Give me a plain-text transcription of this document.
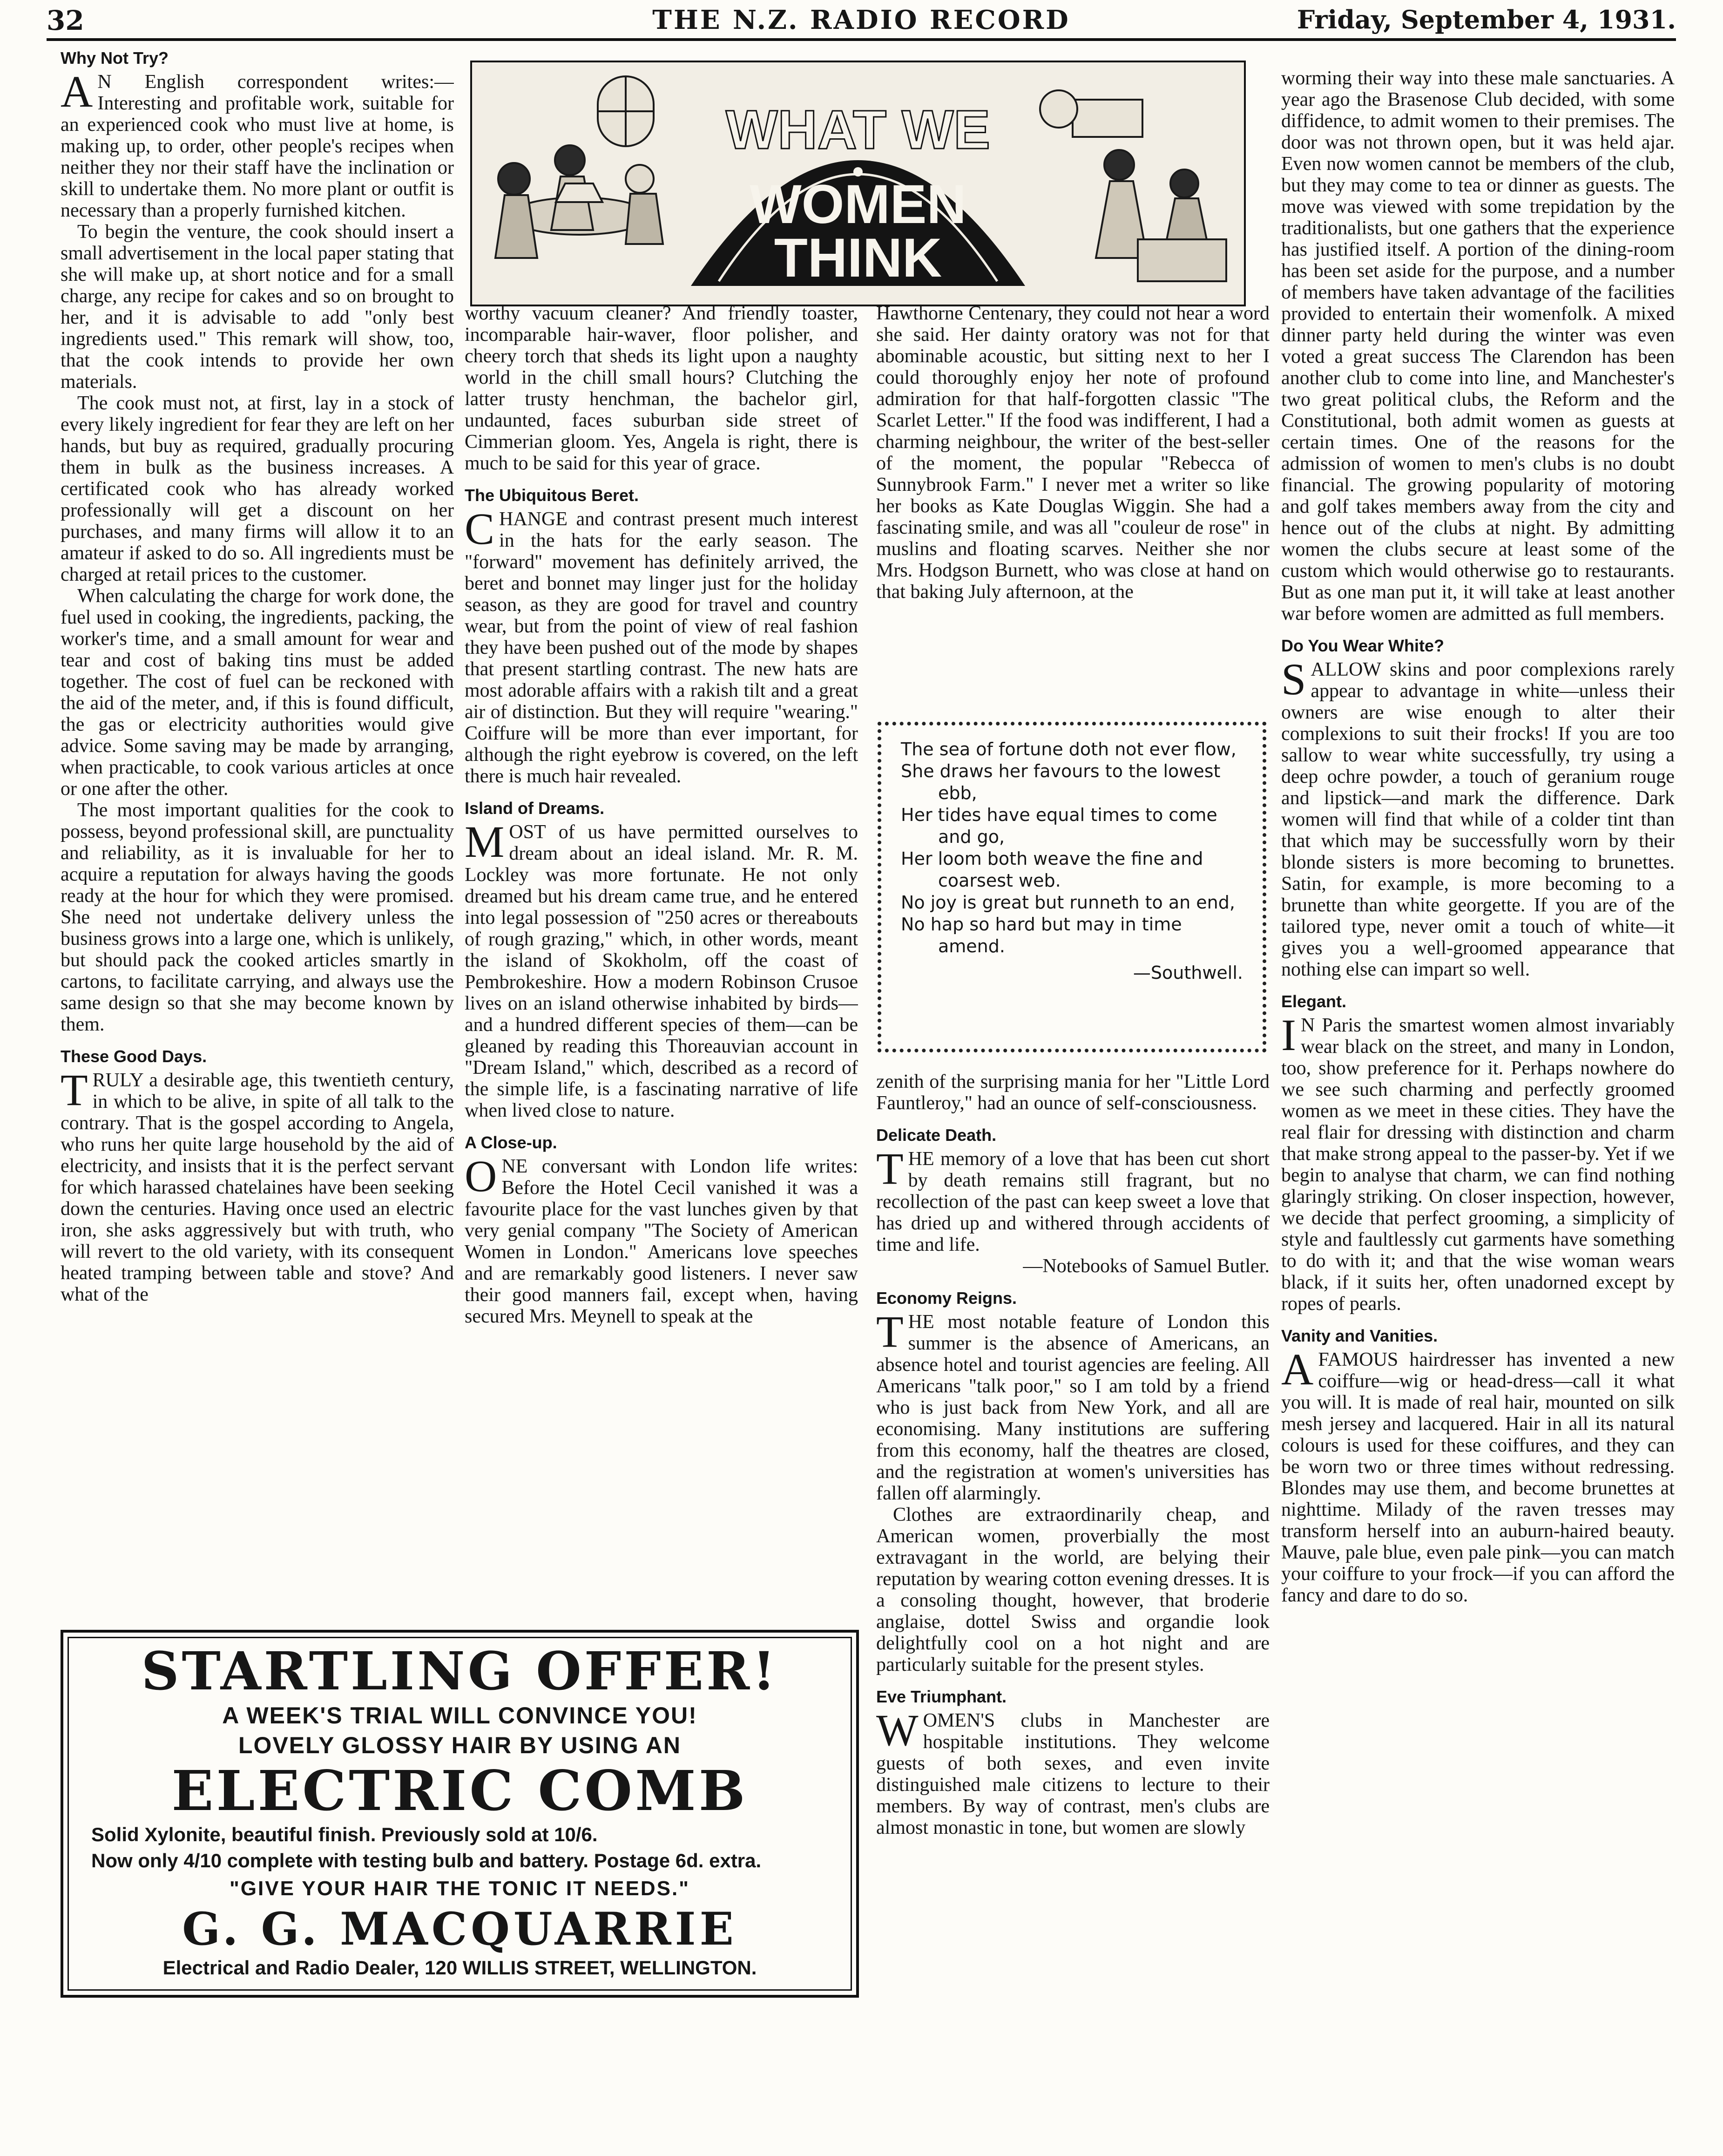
32	THE N.Z. RADIO RECORD	Friday, September 4, 1931.
Why Not Try?

A N English correspondent writes:— Interesting and profitable work, suitable for an experienced cook who must live at home, is making up, to order, other people's recipes when neither they nor their staff have the inclination or skill to undertake them. No more plant or outfit is necessary than a properly furnished kitchen.

To begin the venture, the cook should insert a small advertisement in the local paper stating that she will make up, at short notice and for a small charge, any recipe for cakes and so on brought to her, and it is advisable to add "only best ingredients used." This remark will show, too, that the cook intends to provide her own materials.

The cook must not, at first, lay in a stock of every likely ingredient for fear they are left on her hands, but buy as required, gradually procuring them in bulk as the business increases. A certificated cook who has already worked professionally will get a discount on her purchases, and many firms will allow it to an amateur if asked to do so. All ingredients must be charged at retail prices to the customer.

When calculating the charge for work done, the fuel used in cooking, the ingredients, packing, the worker's time, and a small amount for wear and tear and cost of baking tins must be added together. The cost of fuel can be reckoned with the aid of the meter, and, if this is found difficult, the gas or electricity authorities would give advice. Some saving may be made by arranging, when practicable, to cook various articles at once or one after the other.

The most important qualities for the cook to possess, beyond professional skill, are punctuality and reliability, as it is invaluable for her to acquire a reputation for always having the goods ready at the hour for which they were promised. She need not undertake delivery unless the business grows into a large one, which is unlikely, but should pack the cooked articles smartly in cartons, to facilitate carrying, and always use the same design so that she may become known by them.

These Good Days.

TRULY a desirable age, this twentieth century, in which to be alive, in spite of all talk to the contrary. That is the gospel according to Angela, who runs her quite large household by the aid of electricity, and insists that it is the perfect servant for which harassed chatelaines have been seeking down the centuries. Having once used an electric iron, she asks aggressively but with truth, who will revert to the old variety, with its consequent heated tramping between table and stove? And what of the

WHAT WE
WOMEN
THINK

worthy vacuum cleaner? And friendly toaster, incomparable hair-waver, floor polisher, and cheery torch that sheds its light upon a naughty world in the chill small hours? Clutching the latter trusty henchman, the bachelor girl, undaunted, faces suburban side street of Cimmerian gloom. Yes, Angela is right, there is much to be said for this year of grace.

The Ubiquitous Beret.

CHANGE and contrast present much interest in the hats for the early season. The "forward" movement has definitely arrived, the beret and bonnet may linger just for the holiday season, as they are good for travel and country wear, but from the point of view of real fashion they have been pushed out of the mode by shapes that present startling contrast. The new hats are most adorable affairs with a rakish tilt and a great air of distinction. But they will require "wearing." Coiffure will be more than ever important, for although the right eyebrow is covered, on the left there is much hair revealed.

Island of Dreams.

MOST of us have permitted ourselves to dream about an ideal island. Mr. R. M. Lockley was more fortunate. He not only dreamed but his dream came true, and he entered into legal possession of "250 acres or thereabouts of rough grazing," which, in other words, meant the island of Skokholm, off the coast of Pembrokeshire. How a modern Robinson Crusoe lives on an island otherwise inhabited by birds—and a hundred different species of them—can be gleaned by reading this Thoreauvian account in "Dream Island," which, described as a record of the simple life, is a fascinating narrative of life when lived close to nature.

A Close-up.

ONE conversant with London life writes: Before the Hotel Cecil vanished it was a favourite place for the vast lunches given by that very genial company "The Society of American Women in London." Americans love speeches and are remarkably good listeners. I never saw their good manners fail, except when, having secured Mrs. Meynell to speak at the

Hawthorne Centenary, they could not hear a word she said. Her dainty oratory was not for that abominable acoustic, but sitting next to her I could thoroughly enjoy her note of profound admiration for that half-forgotten classic "The Scarlet Letter." If the food was indifferent, I had a charming neighbour, the writer of the best-seller of the moment, the popular "Rebecca of Sunnybrook Farm." I never met a writer so like her books as Kate Douglas Wiggin. She had a fascinating smile, and was all "couleur de rose" in muslins and floating scarves. Neither she nor Mrs. Hodgson Burnett, who was close at hand on that baking July afternoon, at the

The sea of fortune doth not ever flow,

She draws her favours to the lowest ebb,

Her tides have equal times to come and go,

Her loom both weave the fine and coarsest web.

No joy is great but runneth to an end,

No hap so hard but may in time amend.

—Southwell.

zenith of the surprising mania for her "Little Lord Fauntleroy," had an ounce of self-consciousness.

Delicate Death.

THE memory of a love that has been cut short by death remains still fragrant, but no recollection of the past can keep sweet a love that has dried up and withered through accidents of time and life.

—Notebooks of Samuel Butler.

Economy Reigns.

THE most notable feature of London this summer is the absence of Americans, an absence hotel and tourist agencies are feeling. All Americans "talk poor," so I am told by a friend who is just back from New York, and all are economising. Many institutions are suffering from this economy, half the theatres are closed, and the registration at women's universities has fallen off alarmingly.

Clothes are extraordinarily cheap, and American women, proverbially the most extravagant in the world, are belying their reputation by wearing cotton evening dresses. It is a consoling thought, however, that broderie anglaise, dottel Swiss and organdie look delightfully cool on a hot night and are particularly suitable for the present styles.

Eve Triumphant.

WOMEN'S clubs in Manchester are hospitable institutions. They welcome guests of both sexes, and even invite distinguished male citizens to lecture to their members. By way of contrast, men's clubs are almost monastic in tone, but women are slowly

worming their way into these male sanctuaries. A year ago the Brasenose Club decided, with some diffidence, to admit women to their premises. The door was not thrown open, but it was held ajar. Even now women cannot be members of the club, but they may come to tea or dinner as guests. The move was viewed with some trepidation by the traditionalists, but one gathers that the experience has justified itself. A portion of the dining-room has been set aside for the purpose, and a number of members have taken advantage of the facilities provided to entertain their womenfolk. A mixed dinner party held during the winter was even voted a great success The Clarendon has been another club to come into line, and Manchester's two great political clubs, the Reform and the Constitutional, both admit women as guests at certain times. One of the reasons for the admission of women to men's clubs is no doubt financial. The growing popularity of motoring and golf takes members away from the city and hence out of the clubs at night. By admitting women the clubs secure at least some of the custom which would otherwise go to restaurants. But as one man put it, it will take at least another war before women are admitted as full members.

Do You Wear White?

SALLOW skins and poor complexions rarely appear to advantage in white—unless their owners are wise enough to alter their complexions to suit their frocks! If you are too sallow to wear white successfully, try using a deep ochre powder, a touch of geranium rouge and lipstick—and mark the difference. Dark women will find that while of a colder tint than that which may be successfully worn by their blonde sisters is more becoming to brunettes. Satin, for example, is more becoming to a brunette than white georgette. If you are of the tailored type, never omit a touch of white—it gives you a well-groomed appearance that nothing else can impart so well.

Elegant.

I N Paris the smartest women almost invariably wear black on the street, and many in London, too, show preference for it. Perhaps nowhere do we see such charming and perfectly groomed women as we meet in these cities. They have the real flair for dressing with distinction and charm that make strong appeal to the passer-by. Yet if we begin to analyse that charm, we can find nothing glaringly striking. On closer inspection, however, we decide that perfect grooming, a simplicity of style and faultlessly cut garments have something to do with it; and that the wise woman wears black, if it suits her, often unadorned except by ropes of pearls.

Vanity and Vanities.

AFAMOUS hairdresser has invented a new coiffure—wig or head-dress—call it what you will. It is made of real hair, mounted on silk mesh jersey and lacquered. Hair in all its natural colours is used for these coiffures, and they can be worn two or three times without redressing. Blondes may use them, and become brunettes at nighttime. Milady of the raven tresses may transform herself into an auburn-haired beauty. Mauve, pale blue, even pale pink—you can match your coiffure to your frock—if you can afford the fancy and dare to do so.

STARTLING OFFER!
A WEEK'S TRIAL WILL CONVINCE YOU!
LOVELY GLOSSY HAIR BY USING AN
ELECTRIC COMB
Solid Xylonite, beautiful finish. Previously sold at 10/6.
Now only 4/10 complete with testing bulb and battery. Postage 6d. extra.
"GIVE YOUR HAIR THE TONIC IT NEEDS."
G. G. MACQUARRIE
Electrical and Radio Dealer, 120 WILLIS STREET, WELLINGTON.
